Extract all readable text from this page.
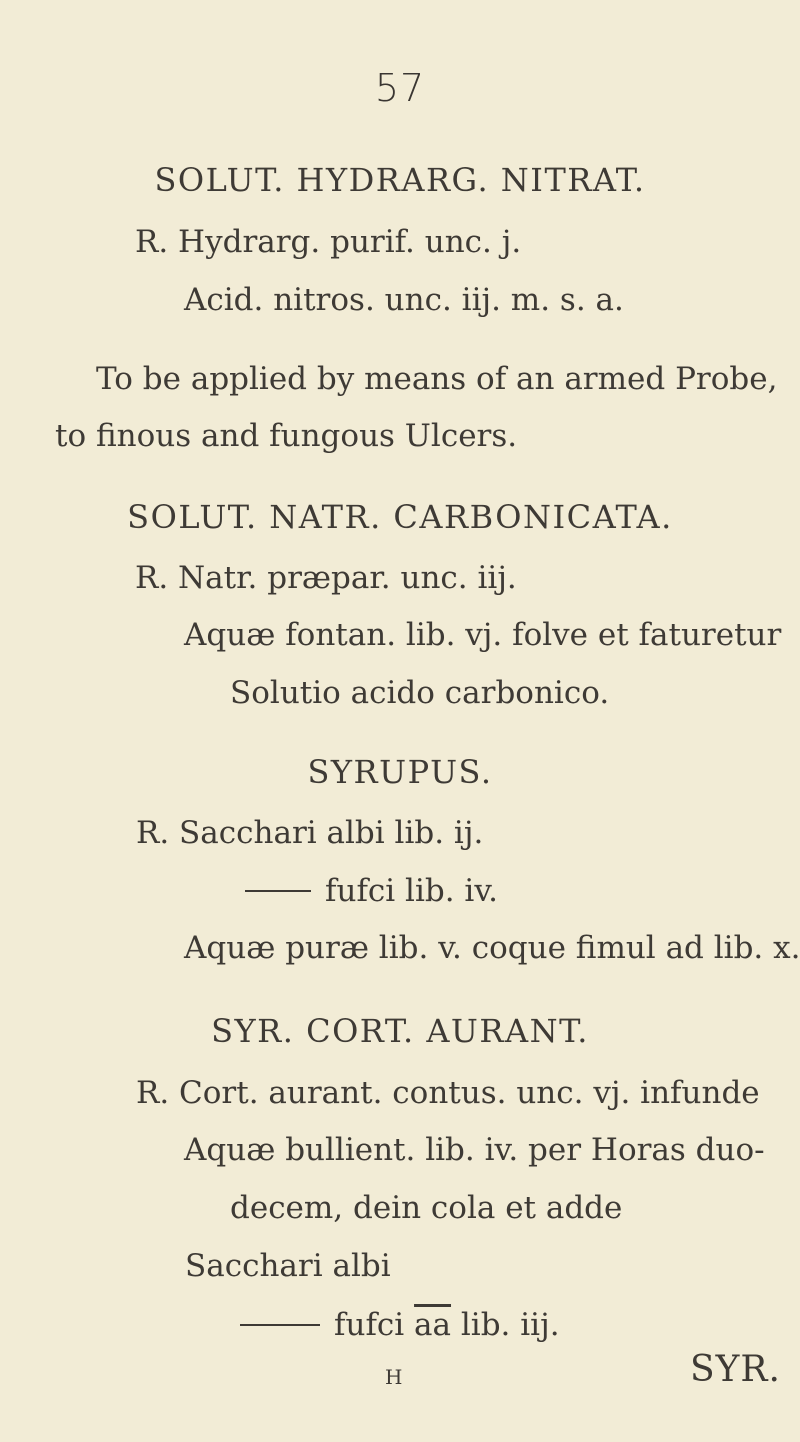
57
SOLUT. HYDRARG. NITRAT.
R. Hydrarg. purif. unc. j.
Acid. nitros. unc. iij. m. s. a.
To be applied by means of an armed Probe,
to finous and fungous Ulcers.
SOLUT. NATR. CARBONICATA.
R. Natr. præpar. unc. iij.
Aquæ fontan. lib. vj. folve et faturetur
Solutio acido carbonico.
SYRUPUS.
R. Sacchari albi lib. ij.
fufci lib. iv.
Aquæ puræ lib. v. coque fimul ad lib. x.
SYR. CORT. AURANT.
R. Cort. aurant. contus. unc. vj. infunde
Aquæ bullient. lib. iv. per Horas duo-
decem, dein cola et adde
Sacchari albi
fufci $\overline{aa}$ lib. iij.
H	SYR.
